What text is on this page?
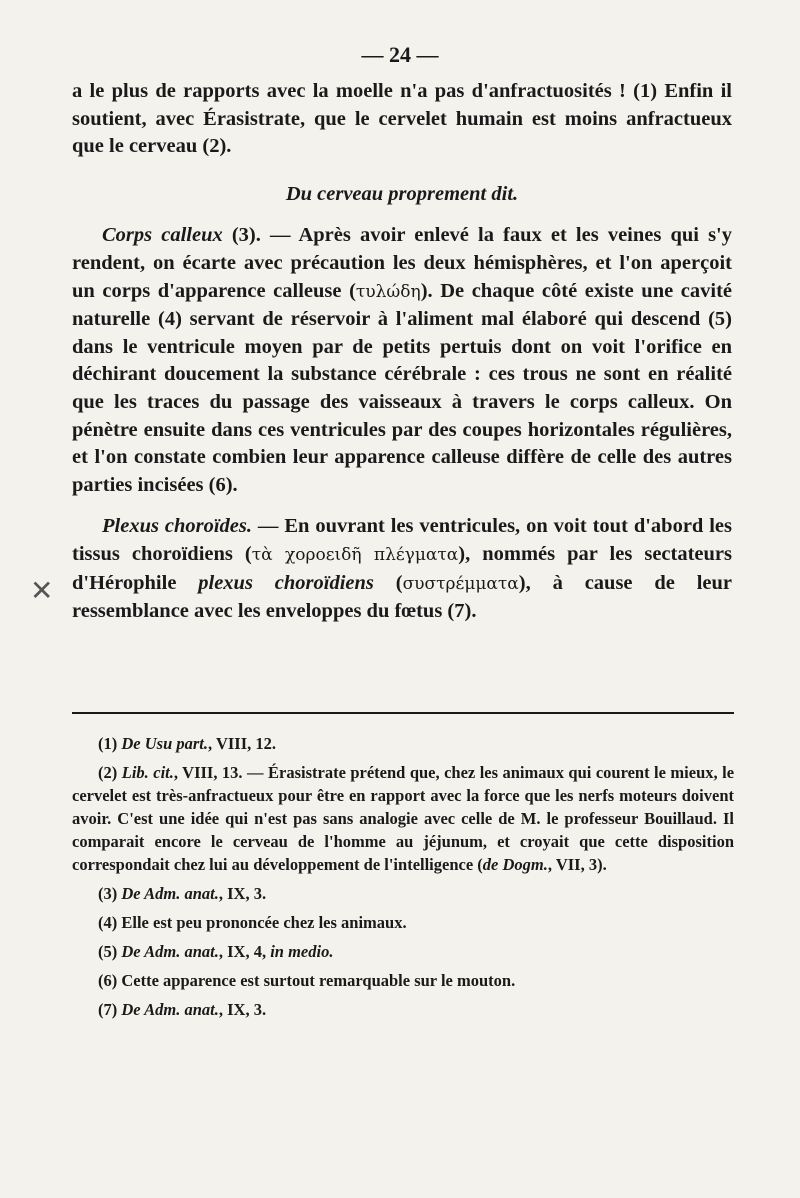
✕
— 24 —

a le plus de rapports avec la moelle n'a pas d'anfractuosités ! (1) Enfin il soutient, avec Érasistrate, que le cervelet humain est moins anfractueux que le cerveau (2).

Du cerveau proprement dit.

Corps calleux (3). — Après avoir enlevé la faux et les veines qui s'y rendent, on écarte avec précaution les deux hémisphères, et l'on aperçoit un corps d'apparence calleuse (τυλώδη). De chaque côté existe une cavité naturelle (4) servant de réservoir à l'aliment mal élaboré qui descend (5) dans le ventricule moyen par de petits pertuis dont on voit l'orifice en déchirant doucement la substance cérébrale : ces trous ne sont en réalité que les traces du passage des vaisseaux à travers le corps calleux. On pénètre ensuite dans ces ventricules par des coupes horizontales régulières, et l'on constate combien leur apparence calleuse diffère de celle des autres parties incisées (6).

Plexus choroïdes. — En ouvrant les ventricules, on voit tout d'abord les tissus choroïdiens (τὰ χοροειδῆ πλέγματα), nommés par les sectateurs d'Hérophile plexus choroïdiens (συστρέμματα), à cause de leur ressemblance avec les enveloppes du fœtus (7).

(1) De Usu part., VIII, 12.

(2) Lib. cit., VIII, 13. — Érasistrate prétend que, chez les animaux qui courent le mieux, le cervelet est très-anfractueux pour être en rapport avec la force que les nerfs moteurs doivent avoir. C'est une idée qui n'est pas sans analogie avec celle de M. le professeur Bouillaud. Il comparait encore le cerveau de l'homme au jéjunum, et croyait que cette disposition correspondait chez lui au développement de l'intelligence (de Dogm., VII, 3).

(3) De Adm. anat., IX, 3.

(4) Elle est peu prononcée chez les animaux.

(5) De Adm. anat., IX, 4, in medio.

(6) Cette apparence est surtout remarquable sur le mouton.

(7) De Adm. anat., IX, 3.
